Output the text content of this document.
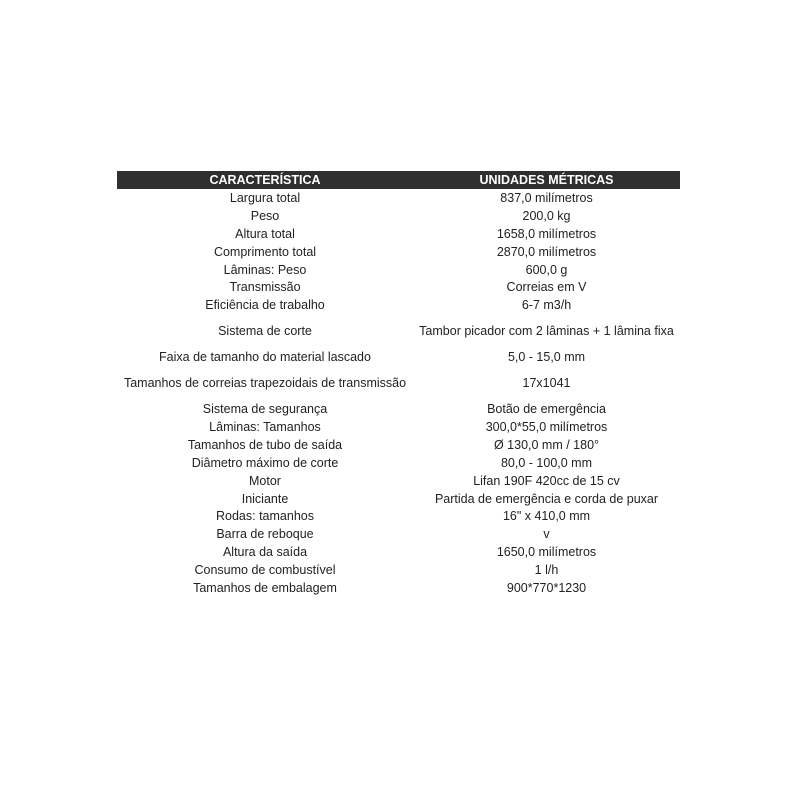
CARACTERÍSTICA	UNIDADES MÉTRICAS
Largura total	837,0 milímetros
Peso	200,0 kg
Altura total	1658,0 milímetros
Comprimento total	2870,0 milímetros
Lâminas: Peso	600,0 g
Transmissão	Correias em V
Eficiência de trabalho	6-7 m3/h
Sistema de corte	Tambor picador com 2 lâminas + 1 lâmina fixa
Faixa de tamanho do material lascado	5,0 - 15,0 mm
Tamanhos de correias trapezoidais de transmissão	17x1041
Sistema de segurança	Botão de emergência
Lâminas: Tamanhos	300,0*55,0 milímetros
Tamanhos de tubo de saída	Ø 130,0 mm / 180°
Diâmetro máximo de corte	80,0 - 100,0 mm
Motor	Lifan 190F 420cc de 15 cv
Iniciante	Partida de emergência e corda de puxar
Rodas: tamanhos	16" x 410,0 mm
Barra de reboque	v
Altura da saída	1650,0 milímetros
Consumo de combustível	1 l/h
Tamanhos de embalagem	900*770*1230
